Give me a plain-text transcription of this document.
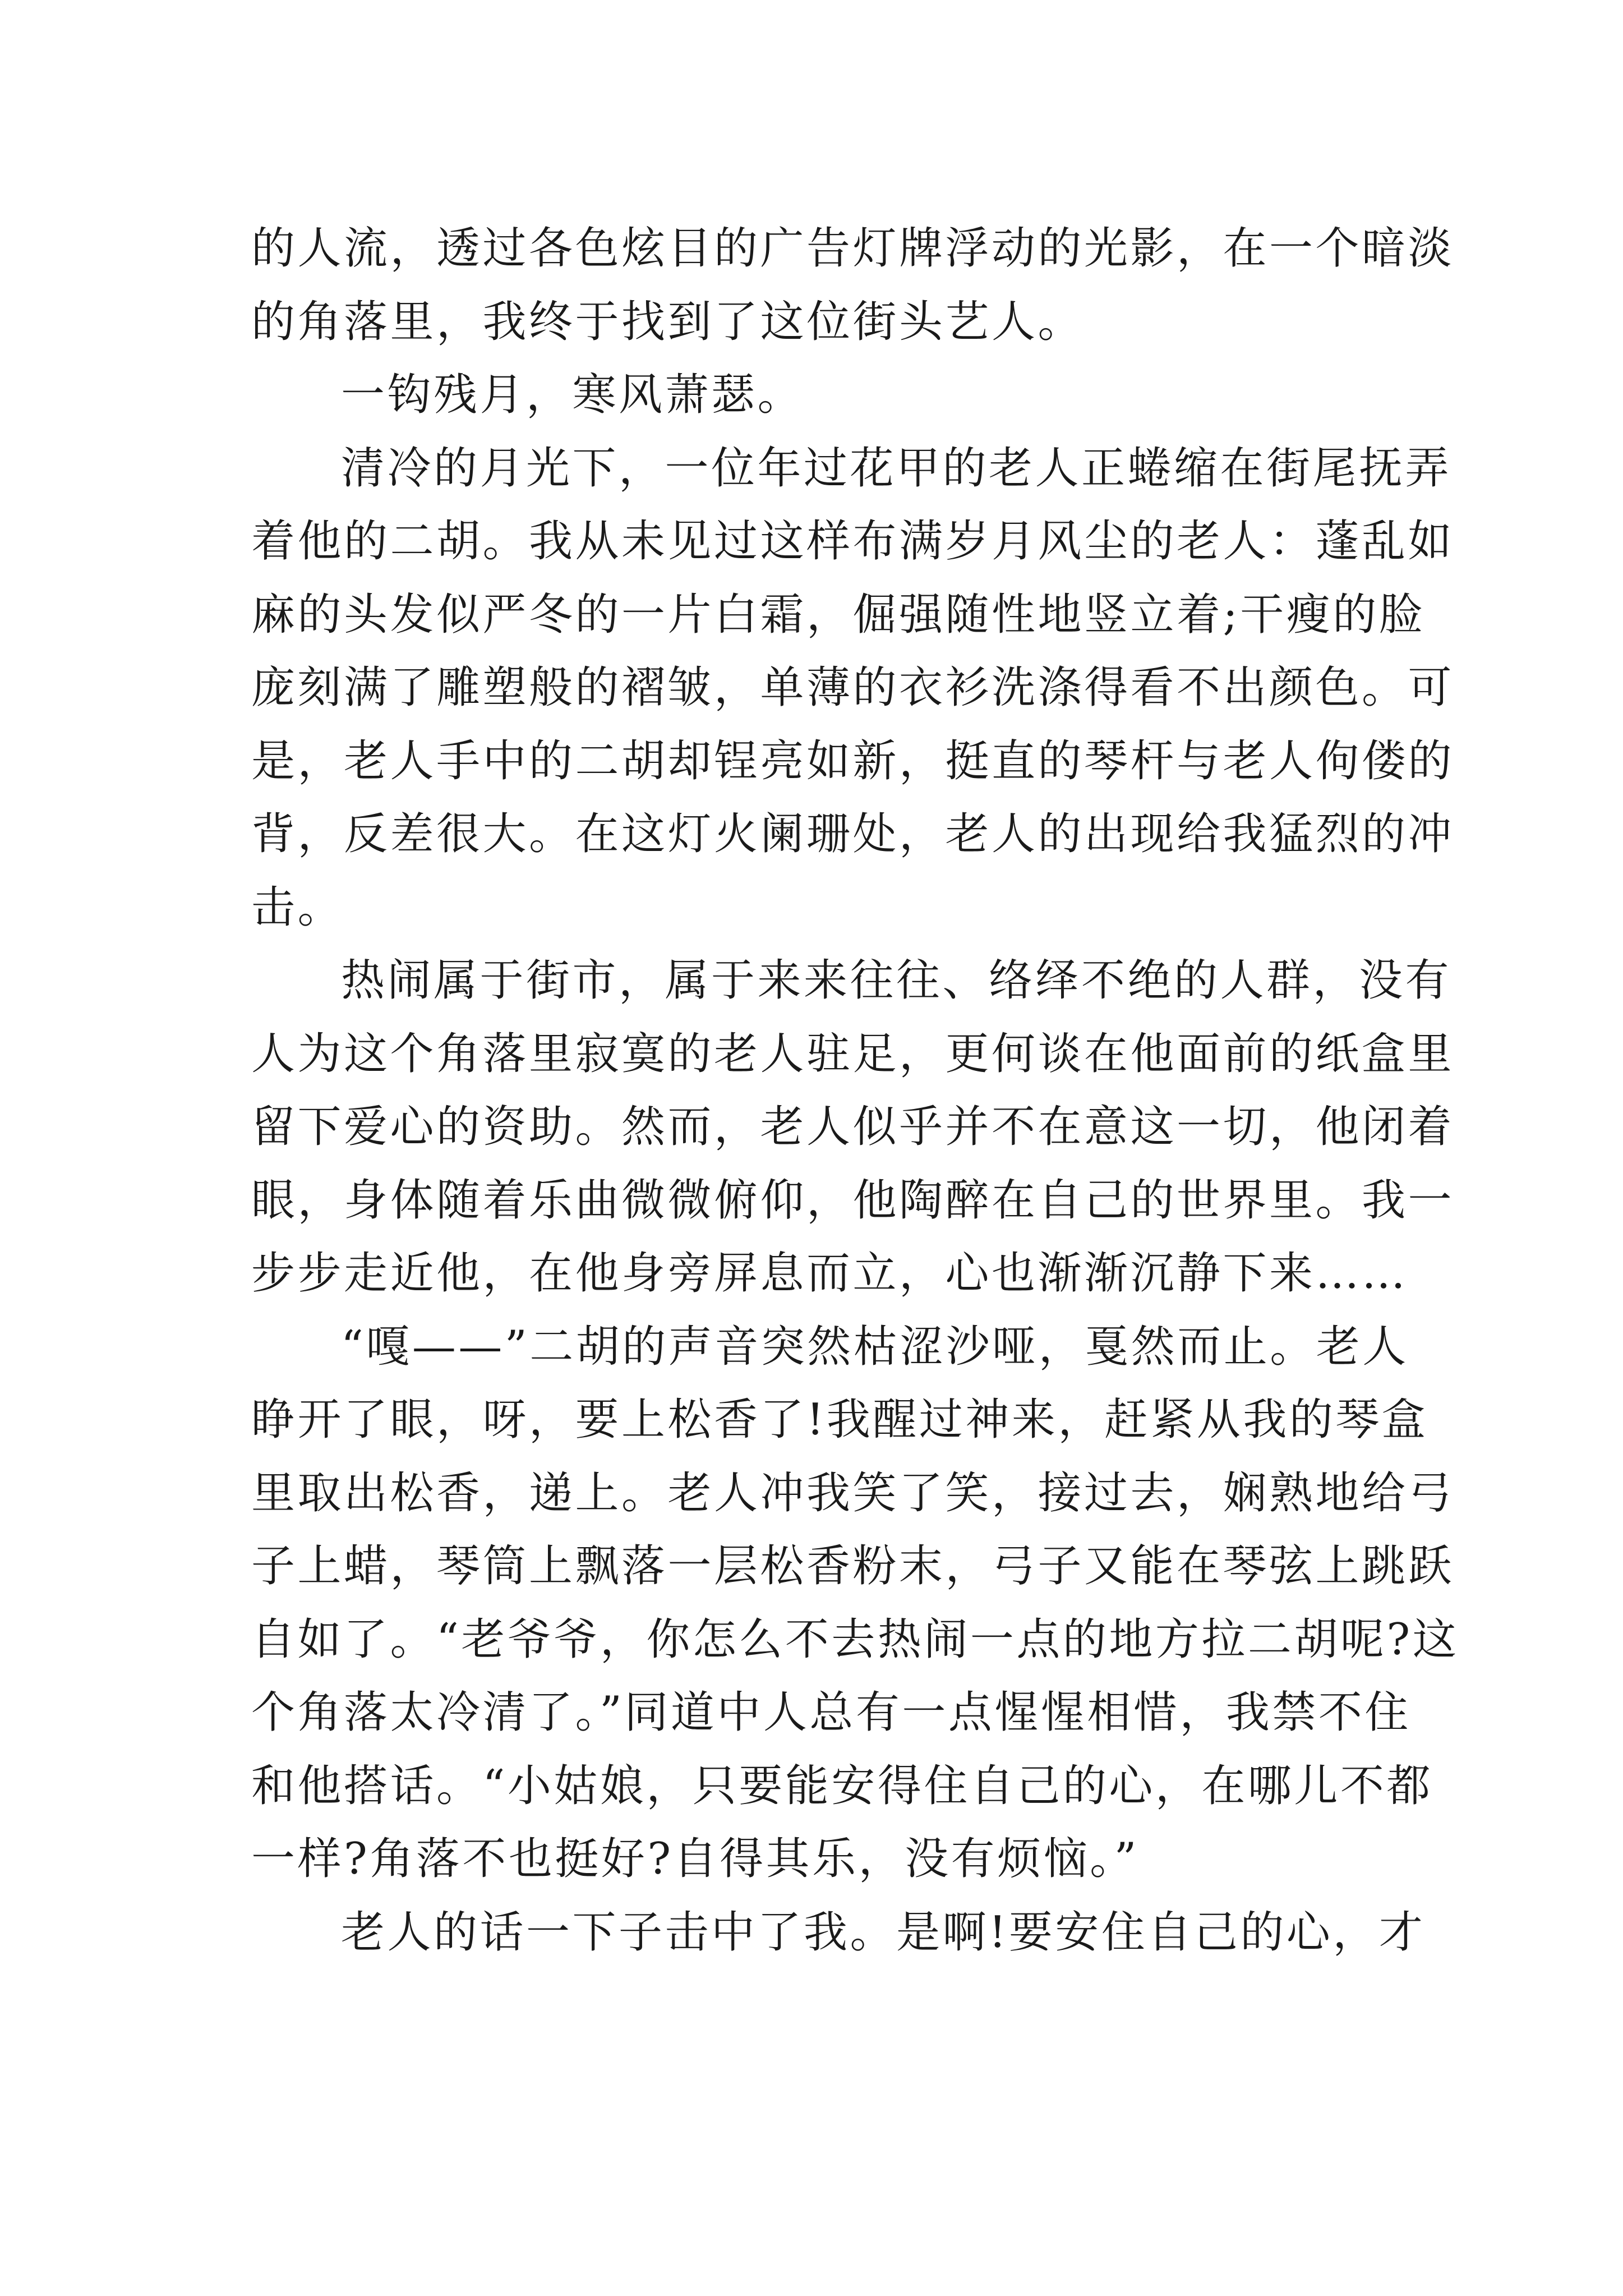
的人流，透过各色炫目的广告灯牌浮动的光影，在一个暗淡
的角落里，我终于找到了这位街头艺人。
一钩残月，寒风萧瑟。
清冷的月光下，一位年过花甲的老人正蜷缩在街尾抚弄
着他的二胡。我从未见过这样布满岁月风尘的老人：蓬乱如
麻的头发似严冬的一片白霜，倔强随性地竖立着;干瘦的脸
庞刻满了雕塑般的褶皱，单薄的衣衫洗涤得看不出颜色。可
是，老人手中的二胡却锃亮如新，挺直的琴杆与老人佝偻的
背，反差很大。在这灯火阑珊处，老人的出现给我猛烈的冲
击。
热闹属于街市，属于来来往往、络绎不绝的人群，没有
人为这个角落里寂寞的老人驻足，更何谈在他面前的纸盒里
留下爱心的资助。然而，老人似乎并不在意这一切，他闭着
眼，身体随着乐曲微微俯仰，他陶醉在自己的世界里。我一
步步走近他，在他身旁屏息而立，心也渐渐沉静下来……
“嘎——”二胡的声音突然枯涩沙哑，戛然而止。老人
睁开了眼，呀，要上松香了!我醒过神来，赶紧从我的琴盒
里取出松香，递上。老人冲我笑了笑，接过去，娴熟地给弓
子上蜡，琴筒上飘落一层松香粉末，弓子又能在琴弦上跳跃
自如了。“老爷爷，你怎么不去热闹一点的地方拉二胡呢?这
个角落太冷清了。”同道中人总有一点惺惺相惜，我禁不住
和他搭话。“小姑娘，只要能安得住自己的心，在哪儿不都
一样?角落不也挺好?自得其乐，没有烦恼。”
老人的话一下子击中了我。是啊!要安住自己的心，才
